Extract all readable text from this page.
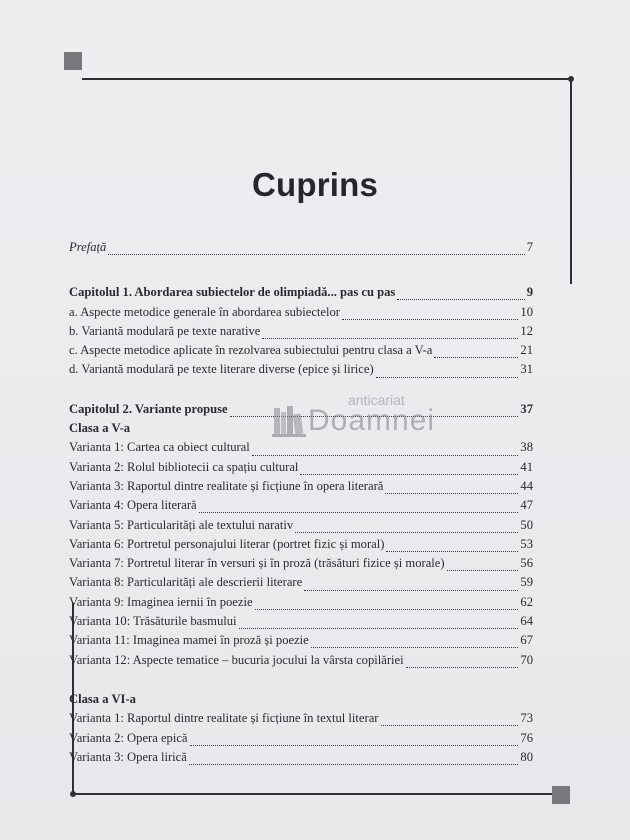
Cuprins
Prefață	7
Capitolul 1. Abordarea subiectelor de olimpiadă... pas cu pas	9
a. Aspecte metodice generale în abordarea subiectelor	10
b. Variantă modulară pe texte narative	12
c. Aspecte metodice aplicate în rezolvarea subiectului pentru clasa a V-a	21
d. Variantă modulară pe texte literare diverse (epice și lirice)	31
Capitolul 2. Variante propuse	37
Clasa a V-a
Varianta 1: Cartea ca obiect cultural	38
Varianta 2: Rolul bibliotecii ca spațiu cultural	41
Varianta 3: Raportul dintre realitate și ficțiune în opera literară	44
Varianta 4: Opera literară	47
Varianta 5: Particularități ale textului narativ	50
Varianta 6: Portretul personajului literar (portret fizic și moral)	53
Varianta 7: Portretul literar în versuri și în proză (trăsături fizice și morale)	56
Varianta 8: Particularități ale descrierii literare	59
Varianta 9: Imaginea iernii în poezie	62
Varianta 10: Trăsăturile basmului	64
Varianta 11: Imaginea mamei în proză și poezie	67
Varianta 12: Aspecte tematice – bucuria jocului la vârsta copilăriei	70
Clasa a VI-a
Varianta 1: Raportul dintre realitate și ficțiune în textul literar	73
Varianta 2: Opera epică	76
Varianta 3: Opera lirică	80
anticariat
Doamnei
